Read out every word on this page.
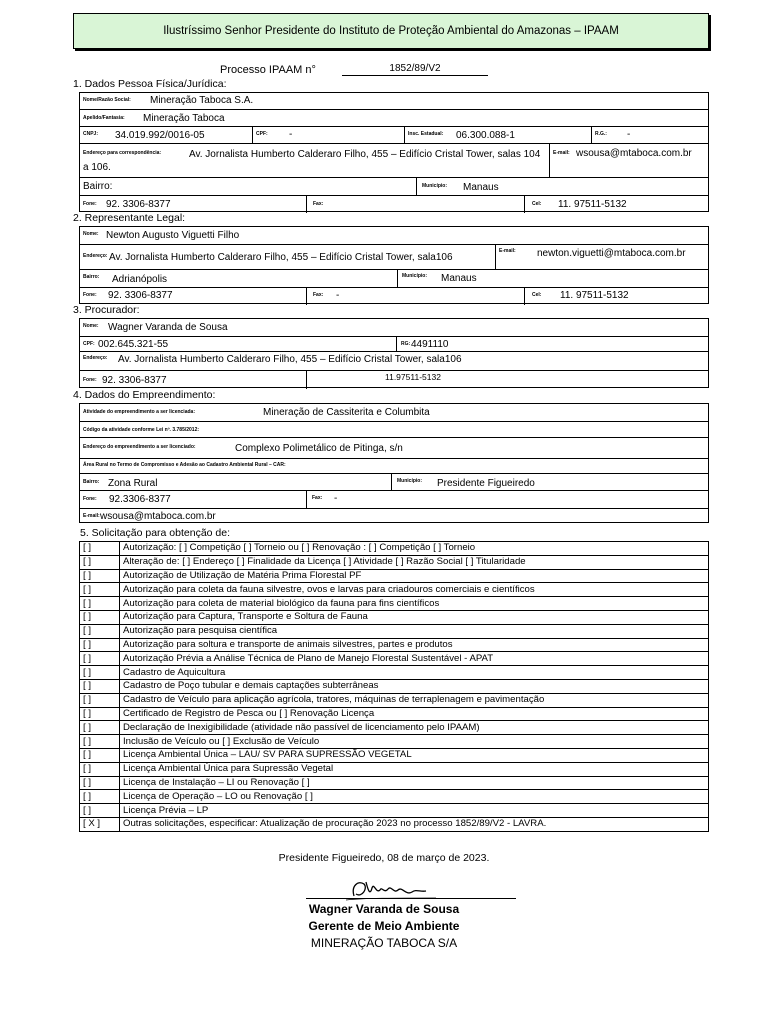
Ilustríssimo Senhor Presidente do Instituto de Proteção Ambiental do Amazonas – IPAAM
Processo IPAAM n°	1852/89/V2
1. Dados Pessoa Física/Jurídica:
Nome/Razão Social: Mineração Taboca S.A.
Apelido/Fantasia: Mineração Taboca
CNPJ: 34.019.992/0016-05	CPF: -	Insc. Estadual: 06.300.088-1	R.G.: -
Endereço para correspondência:	Av. Jornalista Humberto Calderaro Filho, 455 – Edifício Cristal Tower, salas 104 a 106.
E-mail: wsousa@mtaboca.com.br
Bairro:	Município: Manaus
Fone: 92. 3306-8377	Fax:	Cel: 11. 97511-5132
2. Representante Legal:
Nome: Newton Augusto Viguetti Filho
Endereço: Av. Jornalista Humberto Calderaro Filho, 455 – Edifício Cristal Tower, sala106
E-mail: newton.viguetti@mtaboca.com.br
Bairro: Adrianópolis	Município: Manaus
Fone: 92. 3306-8377	Fax: -	Cel: 11. 97511-5132
3. Procurador:
Nome: Wagner Varanda de Sousa
CPF: 002.645.321-55	RG: 4491110
Endereço: Av. Jornalista Humberto Calderaro Filho, 455 – Edifício Cristal Tower, sala106
Fone: 92. 3306-8377	11.97511-5132
4. Dados do Empreendimento:
Atividade do empreendimento a ser licenciada:	Mineração de Cassiterita e Columbita
Código da atividade conforme Lei nº. 3.785/2012:
Endereço do empreendimento a ser licenciado:	Complexo Polimetálico de Pitinga, s/n
Área Rural no Termo de Compromisso e Adesão ao Cadastro Ambiental Rural – CAR:
Bairro: Zona Rural	Município: Presidente Figueiredo
Fone: 92.3306-8377	Fax: -
E-mail: wsousa@mtaboca.com.br
5. Solicitação para obtenção de:
[ ]	Autorização: [ ] Competição [ ] Torneio ou [ ] Renovação : [ ] Competição [ ] Torneio
[ ]	Alteração de: [ ] Endereço [ ] Finalidade da Licença [ ] Atividade [ ] Razão Social [ ] Titularidade
[ ]	Autorização de Utilização de Matéria Prima Florestal PF
[ ]	Autorização para coleta da fauna silvestre, ovos e larvas para criadouros comerciais e científicos
[ ]	Autorização para coleta de material biológico da fauna para fins científicos
[ ]	Autorização para Captura, Transporte e Soltura de Fauna
[ ]	Autorização para pesquisa científica
[ ]	Autorização para soltura e transporte de animais silvestres, partes e produtos
[ ]	Autorização Prévia a Análise Técnica de Plano de Manejo Florestal Sustentável - APAT
[ ]	Cadastro de Aquicultura
[ ]	Cadastro de Poço tubular e demais captações subterrâneas
[ ]	Cadastro de Veículo para aplicação agrícola, tratores, máquinas de terraplenagem e pavimentação
[ ]	Certificado de Registro de Pesca ou [ ] Renovação Licença
[ ]	Declaração de Inexigibilidade (atividade não passível de licenciamento pelo IPAAM)
[ ]	Inclusão de Veículo ou [ ] Exclusão de Veículo
[ ]	Licença Ambiental Única – LAU/ SV PARA SUPRESSÃO VEGETAL
[ ]	Licença Ambiental Única para Supressão Vegetal
[ ]	Licença de Instalação – LI ou Renovação [ ]
[ ]	Licença de Operação – LO ou Renovação [ ]
[ ]	Licença Prévia – LP
[ X ]	Outras solicitações, especificar: Atualização de procuração 2023 no processo 1852/89/V2 - LAVRA.
Presidente Figueiredo, 08 de março de 2023.
Wagner Varanda de Sousa
Gerente de Meio Ambiente
MINERAÇÃO TABOCA S/A
